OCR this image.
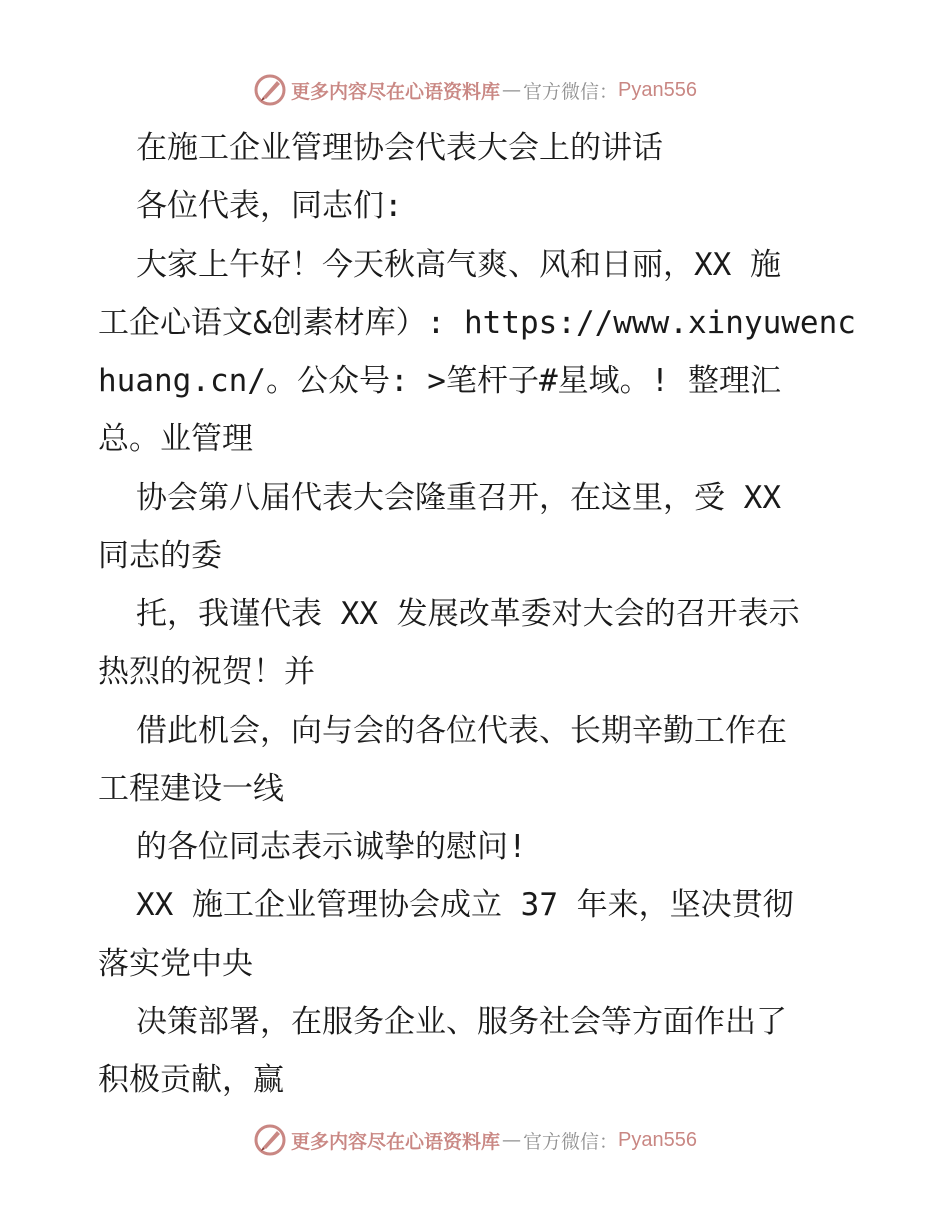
更多内容尽在心语资料库 — 官方微信： Pyan556
在施工企业管理协会代表大会上的讲话
各位代表，同志们:
大家上午好！今天秋高气爽、风和日丽，XX 施
工企心语文&创素材库）: https://www.xinyuwenc
huang.cn/。公众号: >笔杆子#星域。! 整理汇
总。业管理
协会第八届代表大会隆重召开，在这里，受 XX
同志的委
托，我谨代表 XX 发展改革委对大会的召开表示
热烈的祝贺！并
借此机会，向与会的各位代表、长期辛勤工作在
工程建设一线
的各位同志表示诚挚的慰问!
XX 施工企业管理协会成立 37 年来，坚决贯彻
落实党中央
决策部署，在服务企业、服务社会等方面作出了
积极贡献，赢
更多内容尽在心语资料库 — 官方微信： Pyan556
